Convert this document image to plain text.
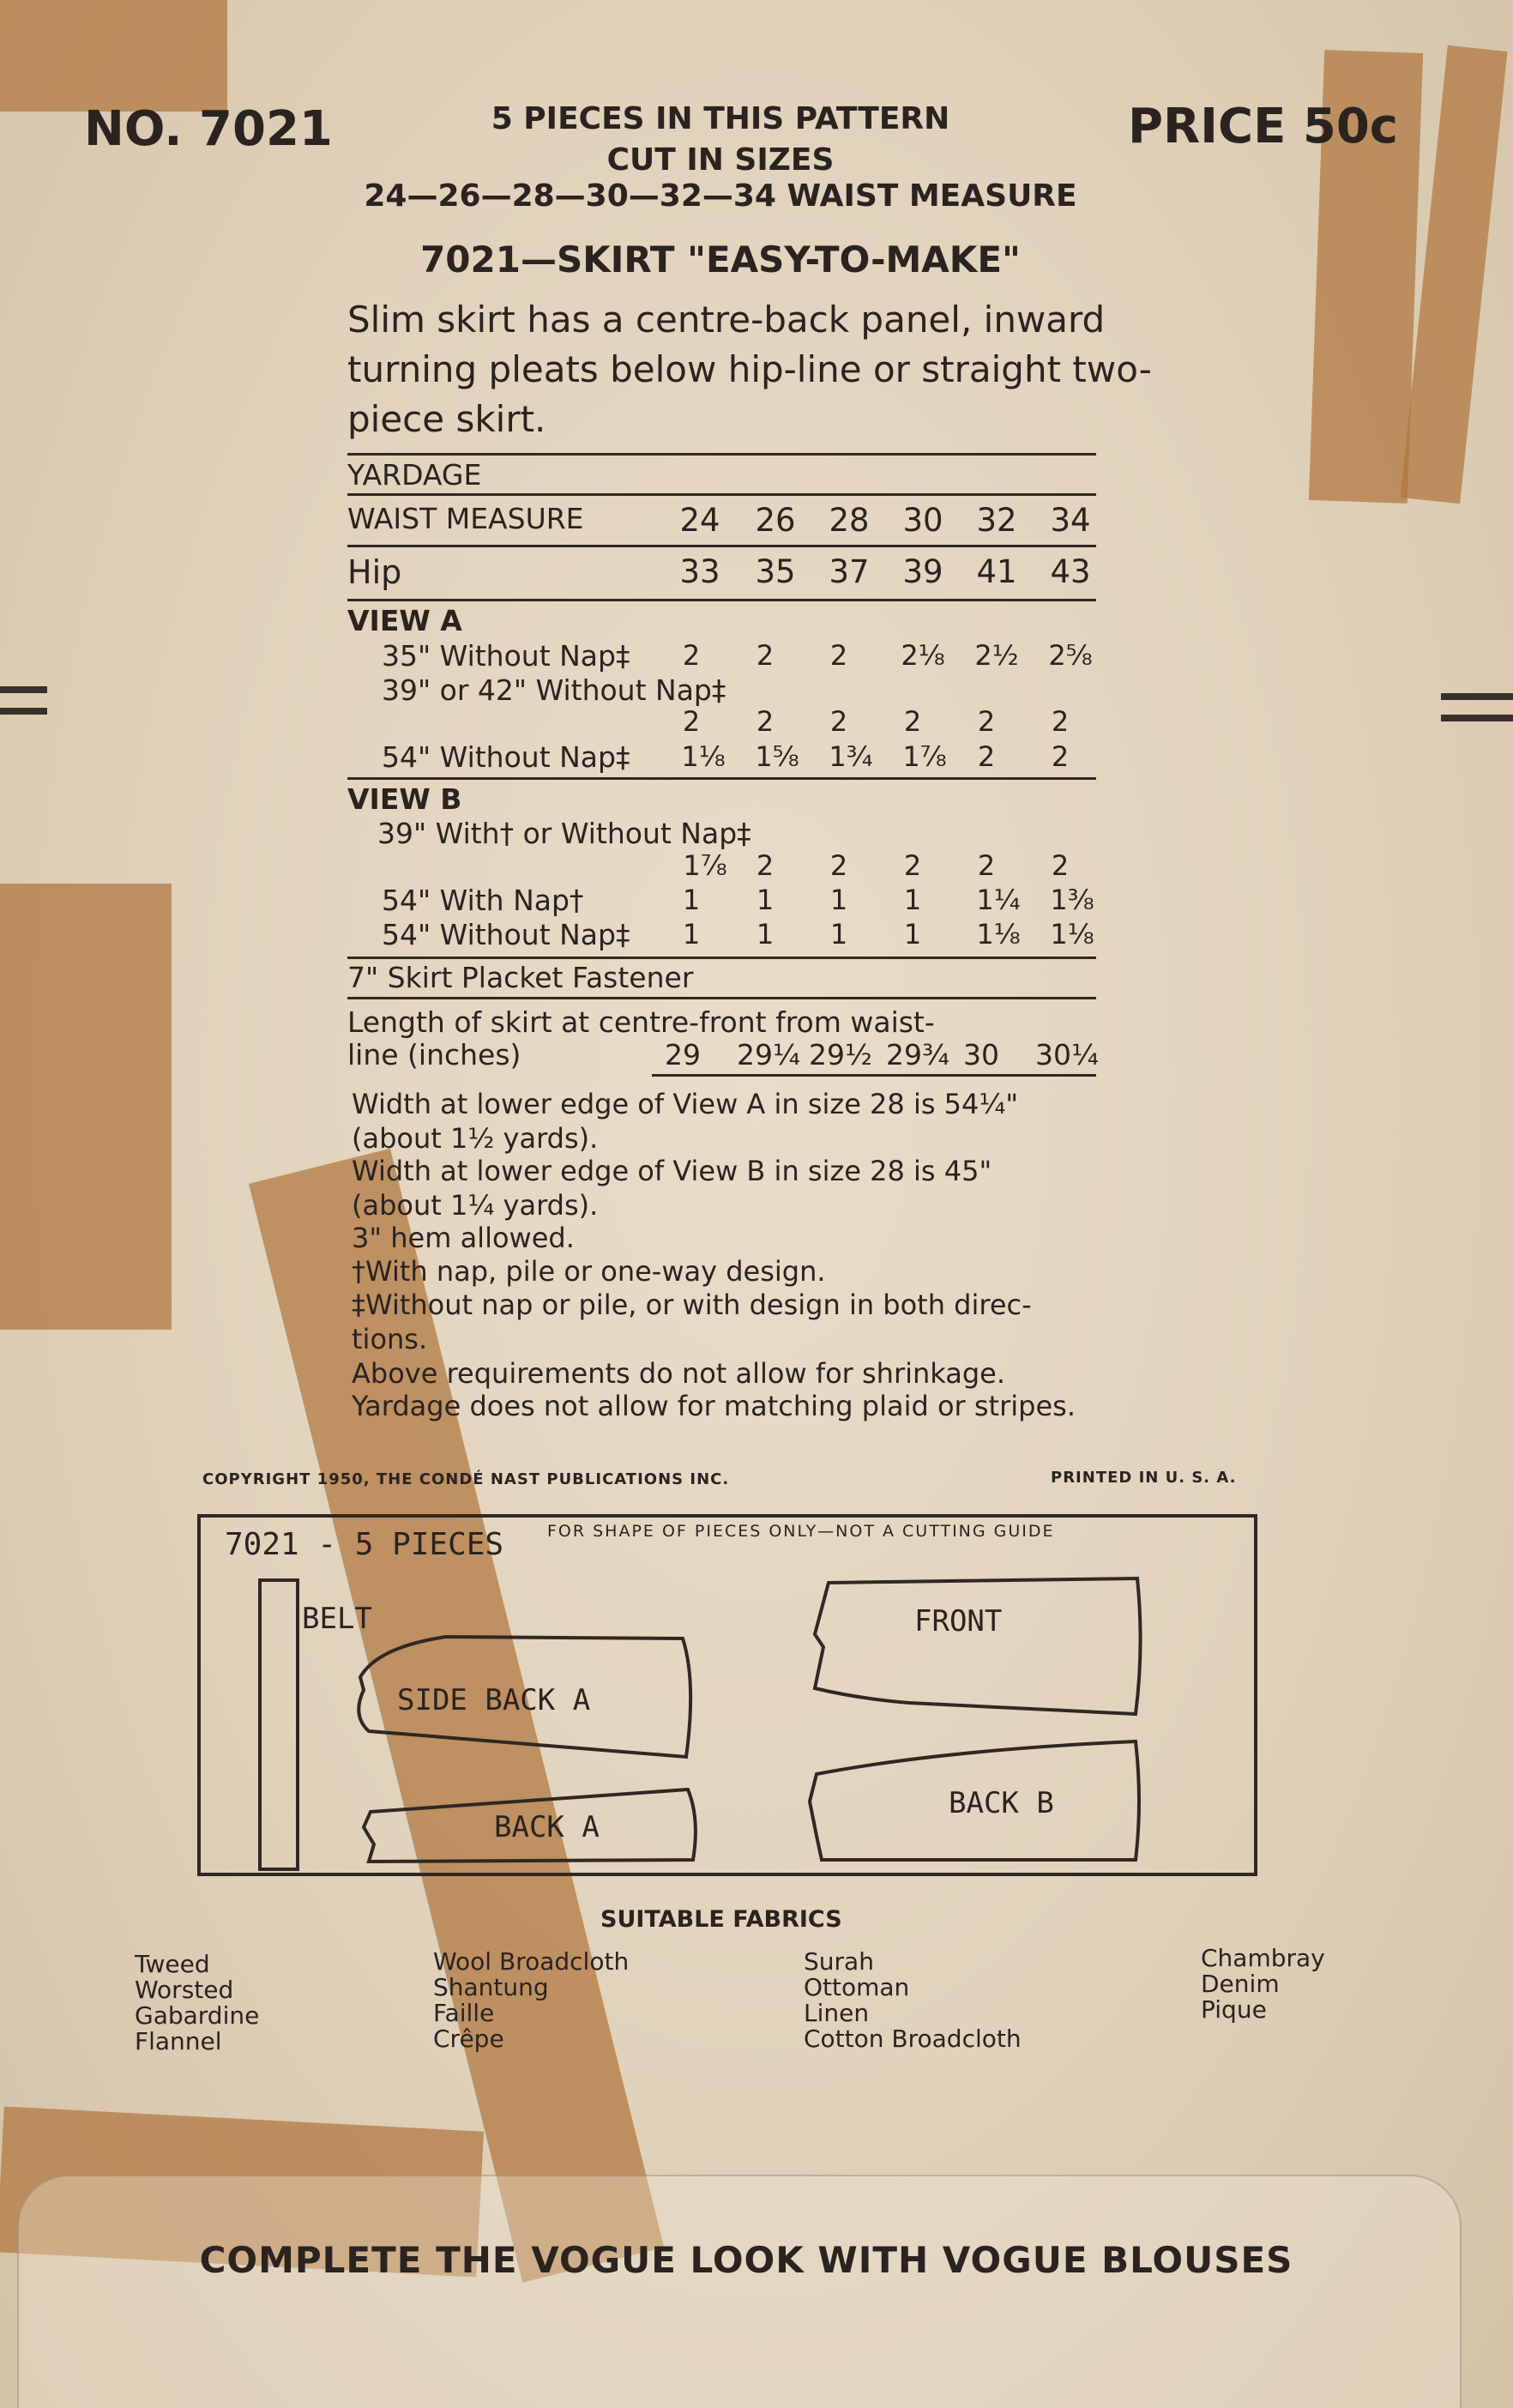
NO. 7021	5 PIECES IN THIS PATTERN
CUT IN SIZES
24—26—28—30—32—34 WAIST MEASURE
PRICE 50c
7021—SKIRT "EASY-TO-MAKE"
Slim skirt has a centre-back panel, inward
turning pleats below hip-line or straight two-
piece skirt.
YARDAGE
WAIST MEASURE	24	26	28	30	32	34
Hip	33	35	37	39	41	43
VIEW A
35" Without Nap‡	2	2	2	2⅛	2½	2⅝
39" or 42" Without Nap‡
2	2	2	2	2	2
54" Without Nap‡	1⅛	1⅝	1¾	1⅞	2	2
VIEW B
39" With† or Without Nap‡
1⅞	2	2	2	2	2
54" With Nap†	1	1	1	1	1¼	1⅜
54" Without Nap‡	1	1	1	1	1⅛	1⅛
7" Skirt Placket Fastener
Length of skirt at centre-front from waist-
line (inches)	29	29¼ 29½ 29¾ 30	30¼
Width at lower edge of View A in size 28 is 54¼"
(about 1½ yards).
Width at lower edge of View B in size 28 is 45"
(about 1¼ yards).
3" hem allowed.
†With nap, pile or one-way design.
‡Without nap or pile, or with design in both direc-
tions.
Above requirements do not allow for shrinkage.
Yardage does not allow for matching plaid or stripes.
COPYRIGHT 1950, THE CONDÉ NAST PUBLICATIONS INC.	PRINTED IN U. S. A.
7021 - 5 PIECES	FOR SHAPE OF PIECES ONLY—NOT A CUTTING GUIDE
BELT
SIDE BACK A
BACK A
FRONT
BACK B
SUITABLE FABRICS
Tweed
Worsted
Gabardine
Flannel
Wool Broadcloth
Shantung
Faille
Crêpe
Surah
Ottoman
Linen
Cotton Broadcloth
Chambray
Denim
Pique
COMPLETE THE VOGUE LOOK WITH VOGUE BLOUSES
